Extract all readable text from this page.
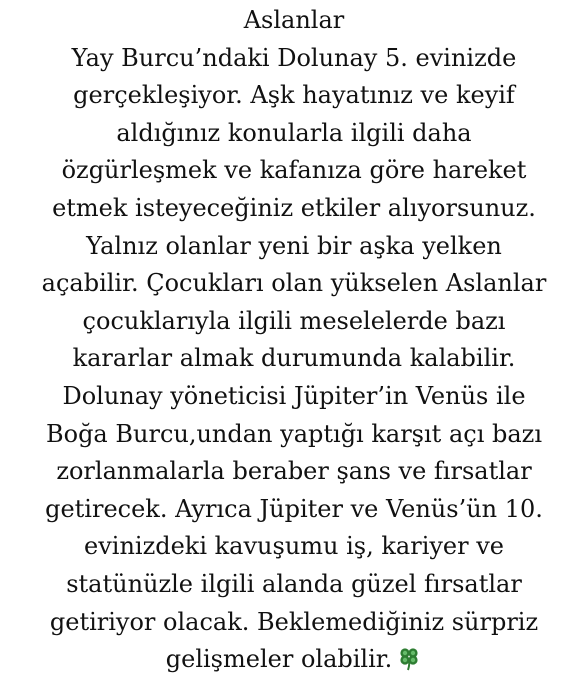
Aslanlar
Yay Burcu’ndaki Dolunay 5. evinizde
gerçekleşiyor. Aşk hayatınız ve keyif
aldığınız konularla ilgili daha
özgürleşmek ve kafanıza göre hareket
etmek isteyeceğiniz etkiler alıyorsunuz.
Yalnız olanlar yeni bir aşka yelken
açabilir. Çocukları olan yükselen Aslanlar
çocuklarıyla ilgili meselelerde bazı
kararlar almak durumunda kalabilir.
Dolunay yöneticisi Jüpiter’in Venüs ile
Boğa Burcu,undan yaptığı karşıt açı bazı
zorlanmalarla beraber şans ve fırsatlar
getirecek. Ayrıca Jüpiter ve Venüs’ün 10.
evinizdeki kavuşumu iş, kariyer ve
statünüzle ilgili alanda güzel fırsatlar
getiriyor olacak. Beklemediğiniz sürpriz
gelişmeler olabilir.
